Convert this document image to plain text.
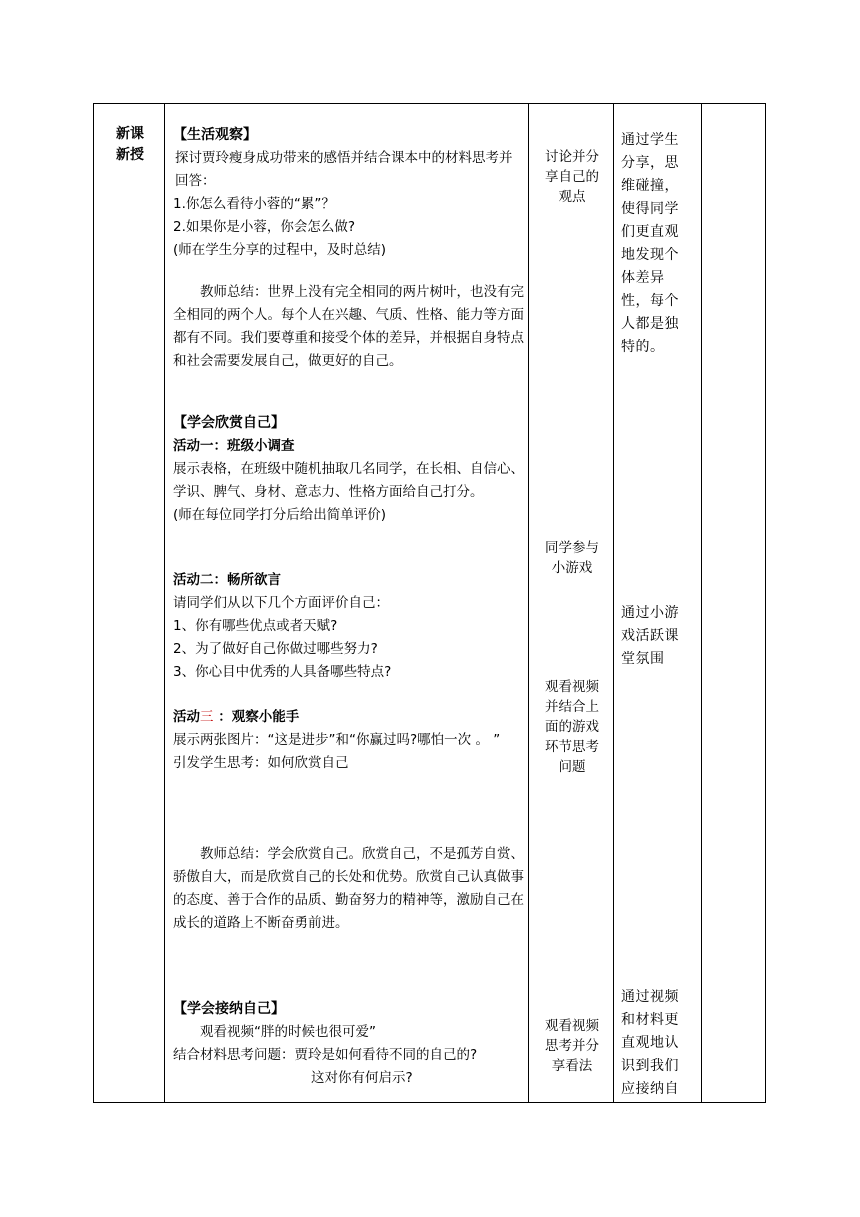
新课新授

【生活观察】

探讨贾玲瘦身成功带来的感悟并结合课本中的材料思考并回答：

1.你怎么看待小蓉的“累”？

2.如果你是小蓉，你会怎么做?

(师在学生分享的过程中，及时总结)

教师总结：世界上没有完全相同的两片树叶，也没有完全相同的两个人。每个人在兴趣、气质、性格、能力等方面都有不同。我们要尊重和接受个体的差异，并根据自身特点和社会需要发展自己，做更好的自己。

【学会欣赏自己】

活动一：班级小调查

展示表格，在班级中随机抽取几名同学，在长相、自信心、学识、脾气、身材、意志力、性格方面给自己打分。

(师在每位同学打分后给出简单评价)

活动二：畅所欲言

请同学们从以下几个方面评价自己：

1、你有哪些优点或者天赋?

2、为了做好自己你做过哪些努力?

3、你心目中优秀的人具备哪些特点?

活动三 ：观察小能手

展示两张图片：“这是进步”和“你赢过吗?哪怕一次 。 ”

引发学生思考：如何欣赏自己

教师总结：学会欣赏自己。欣赏自己，不是孤芳自赏、骄傲自大，而是欣赏自己的长处和优势。欣赏自己认真做事的态度、善于合作的品质、勤奋努力的精神等，激励自己在成长的道路上不断奋勇前进。

【学会接纳自己】

观看视频“胖的时候也很可爱”

结合材料思考问题：贾玲是如何看待不同的自己的?

这对你有何启示?

讨论并分享自己的观点
同学参与小游戏
观看视频并结合上面的游戏环节思考问题
观看视频思考并分享看法
通过学生分享，思维碰撞，使得同学们更直观地发现个体差异性，每个人都是独特的。
通过小游戏活跃课堂氛围
通过视频和材料更直观地认识到我们应接纳自
